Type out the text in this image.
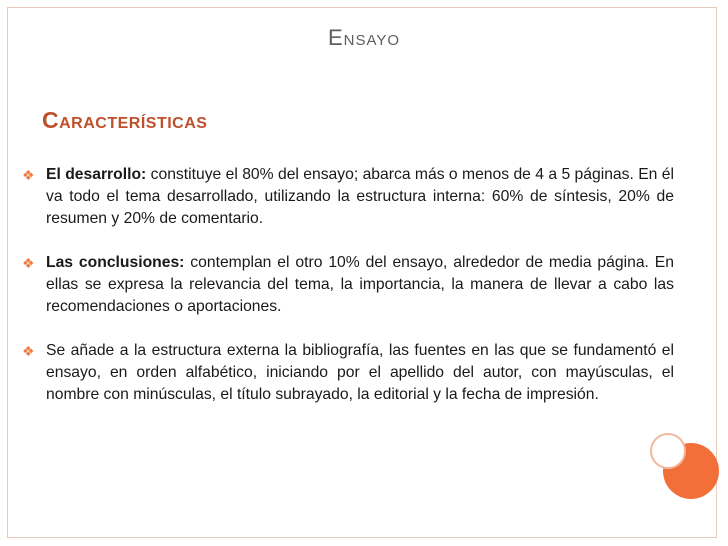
Ensayo
Características
❖ El desarrollo: constituye el 80% del ensayo; abarca más o menos de 4 a 5 páginas. En él va todo el tema desarrollado, utilizando la estructura interna: 60% de síntesis, 20% de resumen y 20% de comentario.
❖ Las conclusiones: contemplan el otro 10% del ensayo, alrededor de media página. En ellas se expresa la relevancia del tema, la importancia, la manera de llevar a cabo las recomendaciones o aportaciones.
❖ Se añade a la estructura externa la bibliografía, las fuentes en las que se fundamentó el ensayo, en orden alfabético, iniciando por el apellido del autor, con mayúsculas, el nombre con minúsculas, el título subrayado, la editorial y la fecha de impresión.
